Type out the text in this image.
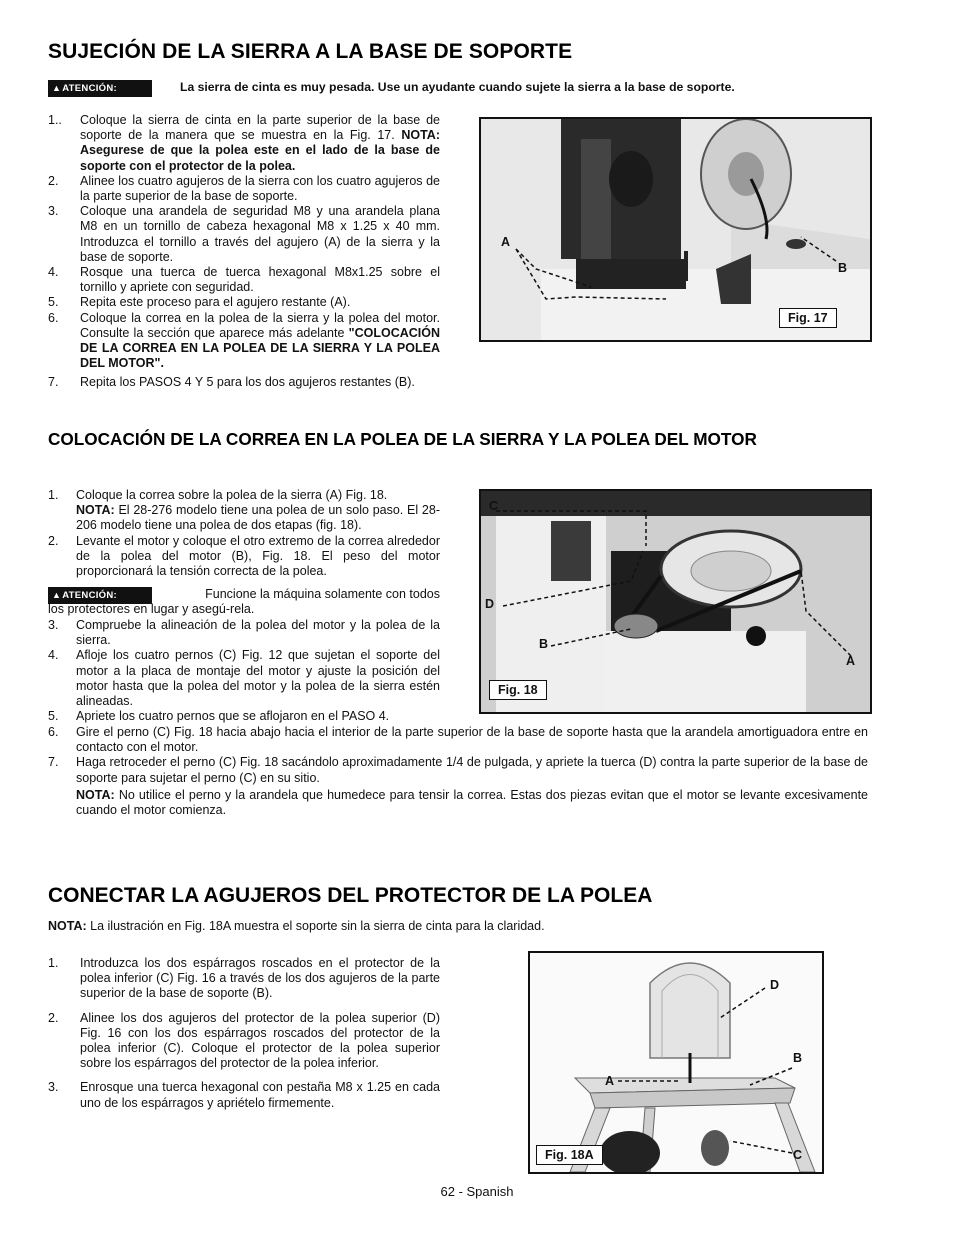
SUJECIÓN DE LA SIERRA A LA BASE DE SOPORTE
▲ATENCIÓN:	La sierra de cinta es muy pesada. Use un ayudante cuando sujete la sierra a la base de soporte.
1.. Coloque la sierra de cinta en la parte superior de la base de soporte de la manera que se muestra en la Fig. 17. NOTA: Asegurese de que la polea este en el lado de la base de soporte con el protector de la polea.
2. Alinee los cuatro agujeros de la sierra con los cuatro agujeros de la parte superior de la base de soporte.
3. Coloque una arandela de seguridad M8 y una arandela plana M8 en un tornillo de cabeza hexagonal M8 x 1.25 x 40 mm. Introduzca el tornillo a través del agujero (A) de la sierra y la base de soporte.
4. Rosque una tuerca de tuerca hexagonal M8x1.25 sobre el tornillo y apriete con seguridad.
5. Repita este proceso para el agujero restante (A).
6. Coloque la correa en la polea de la sierra y la polea del motor. Consulte la sección que aparece más adelante "COLOCACIÓN DE LA CORREA EN LA POLEA DE LA SIERRA Y LA POLEA DEL MOTOR".
7. Repita los PASOS 4 Y 5 para los dos agujeros restantes (B).
A
B
Fig. 17
COLOCACIÓN DE LA CORREA EN LA POLEA DE LA SIERRA Y LA POLEA DEL MOTOR
1. Coloque la correa sobre la polea de la sierra (A) Fig. 18.
NOTA: El 28-276 modelo tiene una polea de un solo paso. El 28-206 modelo tiene una polea de dos etapas (fig. 18).
2. Levante el motor y coloque el otro extremo de la correa alrededor de la polea del motor (B), Fig. 18. El peso del motor proporcionará la tensión correcta de la polea.
▲ATENCIÓN:	Funcione la máquina solamente con todos
los protectores en lugar y asegú-rela.
3. Compruebe la alineación de la polea del motor y la polea de la sierra.
4. Afloje los cuatro pernos (C) Fig. 12 que sujetan el soporte del motor a la placa de montaje del motor y ajuste la posición del motor hasta que la polea del motor y la polea de la sierra estén alineadas.
5. Apriete los cuatro pernos que se aflojaron en el PASO 4.
6. Gire el perno (C) Fig. 18 hacia abajo hacia el interior de la parte superior de la base de soporte hasta que la arandela amortiguadora entre en contacto con el motor.
7. Haga retroceder el perno (C) Fig. 18 sacándolo aproximadamente 1/4 de pulgada, y apriete la tuerca (D) contra la parte superior de la base de soporte para sujetar el perno (C) en su sitio.
NOTA: No utilice el perno y la arandela que humedece para tensir la correa. Estas dos piezas evitan que el motor se levante excesivamente cuando el motor comienza.
C
D
B
A
Fig. 18
CONECTAR LA AGUJEROS DEL PROTECTOR DE LA POLEA
NOTA: La ilustración en Fig. 18A muestra el soporte sin la sierra de cinta para la claridad.
1. Introduzca los dos espárragos roscados en el protector de la polea inferior (C) Fig. 16 a través de los dos agujeros de la parte superior de la base de soporte (B).
2. Alinee los dos agujeros del protector de la polea superior (D) Fig. 16 con los dos espárragos roscados del protector de la polea inferior (C). Coloque el protector de la polea superior sobre los espárragos del protector de la polea inferior.
3. Enrosque una tuerca hexagonal con pestaña M8 x 1.25 en cada uno de los espárragos y apriételo firmemente.
D
B
A
C
Fig. 18A
62 - Spanish
